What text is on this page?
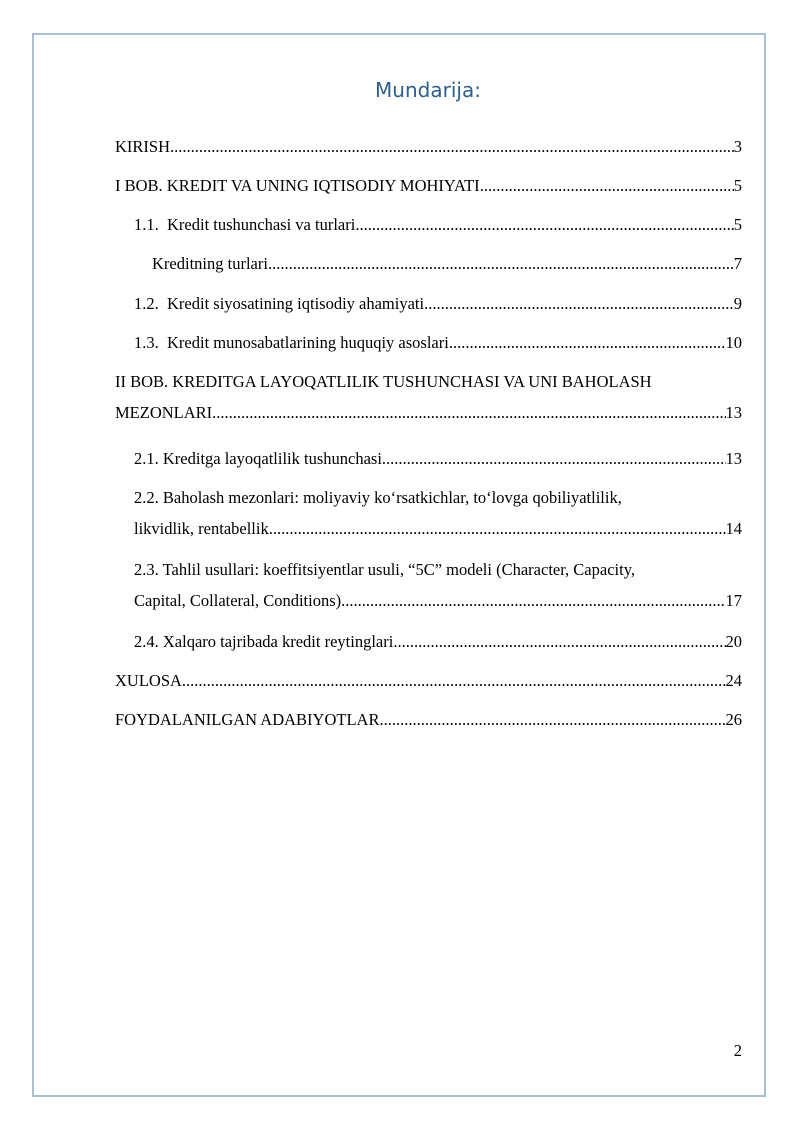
Mundarija:
KIRISH .....	3
I BOB. KREDIT VA UNING IQTISODIY MOHIYATI .....	5
1.1.  Kredit tushunchasi va turlari .....	5
Kreditning turlari .....	7
1.2.  Kredit siyosatining iqtisodiy ahamiyati .....	9
1.3.  Kredit munosabatlarining huquqiy asoslari .....	10
II BOB. KREDITGA LAYOQATLILIK TUSHUNCHASI VA UNI BAHOLASH
MEZONLARI .....	13
2.1. Kreditga layoqatlilik tushunchasi .....	13
2.2. Baholash mezonlari: moliyaviy ko‘rsatkichlar, to‘lovga qobiliyatlilik,
likvidlik, rentabellik .....	14
2.3. Tahlil usullari: koeffitsiyentlar usuli, “5C” modeli (Character, Capacity,
Capital, Collateral, Conditions) .....	17
2.4. Xalqaro tajribada kredit reytinglari .....	20
XULOSA .....	24
FOYDALANILGAN ADABIYOTLAR .....	26
2
